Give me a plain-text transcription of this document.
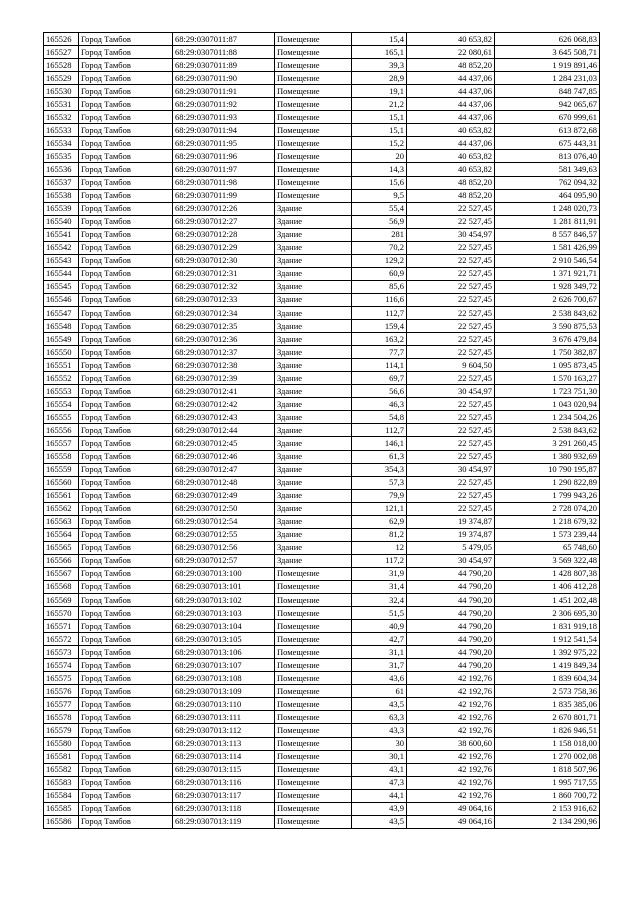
165526	Город Тамбов	68:29:0307011:87	Помещение	15,4	40 653,82	626 068,83
165527	Город Тамбов	68:29:0307011:88	Помещение	165,1	22 080,61	3 645 508,71
165528	Город Тамбов	68:29:0307011:89	Помещение	39,3	48 852,20	1 919 891,46
165529	Город Тамбов	68:29:0307011:90	Помещение	28,9	44 437,06	1 284 231,03
165530	Город Тамбов	68:29:0307011:91	Помещение	19,1	44 437,06	848 747,85
165531	Город Тамбов	68:29:0307011:92	Помещение	21,2	44 437,06	942 065,67
165532	Город Тамбов	68:29:0307011:93	Помещение	15,1	44 437,06	670 999,61
165533	Город Тамбов	68:29:0307011:94	Помещение	15,1	40 653,82	613 872,68
165534	Город Тамбов	68:29:0307011:95	Помещение	15,2	44 437,06	675 443,31
165535	Город Тамбов	68:29:0307011:96	Помещение	20	40 653,82	813 076,40
165536	Город Тамбов	68:29:0307011:97	Помещение	14,3	40 653,82	581 349,63
165537	Город Тамбов	68:29:0307011:98	Помещение	15,6	48 852,20	762 094,32
165538	Город Тамбов	68:29:0307011:99	Помещение	9,5	48 852,20	464 095,90
165539	Город Тамбов	68:29:0307012:26	Здание	55,4	22 527,45	1 248 020,73
165540	Город Тамбов	68:29:0307012:27	Здание	56,9	22 527,45	1 281 811,91
165541	Город Тамбов	68:29:0307012:28	Здание	281	30 454,97	8 557 846,57
165542	Город Тамбов	68:29:0307012:29	Здание	70,2	22 527,45	1 581 426,99
165543	Город Тамбов	68:29:0307012:30	Здание	129,2	22 527,45	2 910 546,54
165544	Город Тамбов	68:29:0307012:31	Здание	60,9	22 527,45	1 371 921,71
165545	Город Тамбов	68:29:0307012:32	Здание	85,6	22 527,45	1 928 349,72
165546	Город Тамбов	68:29:0307012:33	Здание	116,6	22 527,45	2 626 700,67
165547	Город Тамбов	68:29:0307012:34	Здание	112,7	22 527,45	2 538 843,62
165548	Город Тамбов	68:29:0307012:35	Здание	159,4	22 527,45	3 590 875,53
165549	Город Тамбов	68:29:0307012:36	Здание	163,2	22 527,45	3 676 479,84
165550	Город Тамбов	68:29:0307012:37	Здание	77,7	22 527,45	1 750 382,87
165551	Город Тамбов	68:29:0307012:38	Здание	114,1	9 604,50	1 095 873,45
165552	Город Тамбов	68:29:0307012:39	Здание	69,7	22 527,45	1 570 163,27
165553	Город Тамбов	68:29:0307012:41	Здание	56,6	30 454,97	1 723 751,30
165554	Город Тамбов	68:29:0307012:42	Здание	46,3	22 527,45	1 043 020,94
165555	Город Тамбов	68:29:0307012:43	Здание	54,8	22 527,45	1 234 504,26
165556	Город Тамбов	68:29:0307012:44	Здание	112,7	22 527,45	2 538 843,62
165557	Город Тамбов	68:29:0307012:45	Здание	146,1	22 527,45	3 291 260,45
165558	Город Тамбов	68:29:0307012:46	Здание	61,3	22 527,45	1 380 932,69
165559	Город Тамбов	68:29:0307012:47	Здание	354,3	30 454,97	10 790 195,87
165560	Город Тамбов	68:29:0307012:48	Здание	57,3	22 527,45	1 290 822,89
165561	Город Тамбов	68:29:0307012:49	Здание	79,9	22 527,45	1 799 943,26
165562	Город Тамбов	68:29:0307012:50	Здание	121,1	22 527,45	2 728 074,20
165563	Город Тамбов	68:29:0307012:54	Здание	62,9	19 374,87	1 218 679,32
165564	Город Тамбов	68:29:0307012:55	Здание	81,2	19 374,87	1 573 239,44
165565	Город Тамбов	68:29:0307012:56	Здание	12	5 479,05	65 748,60
165566	Город Тамбов	68:29:0307012:57	Здание	117,2	30 454,97	3 569 322,48
165567	Город Тамбов	68:29:0307013:100	Помещение	31,9	44 790,20	1 428 807,38
165568	Город Тамбов	68:29:0307013:101	Помещение	31,4	44 790,20	1 406 412,28
165569	Город Тамбов	68:29:0307013:102	Помещение	32,4	44 790,20	1 451 202,48
165570	Город Тамбов	68:29:0307013:103	Помещение	51,5	44 790,20	2 306 695,30
165571	Город Тамбов	68:29:0307013:104	Помещение	40,9	44 790,20	1 831 919,18
165572	Город Тамбов	68:29:0307013:105	Помещение	42,7	44 790,20	1 912 541,54
165573	Город Тамбов	68:29:0307013:106	Помещение	31,1	44 790,20	1 392 975,22
165574	Город Тамбов	68:29:0307013:107	Помещение	31,7	44 790,20	1 419 849,34
165575	Город Тамбов	68:29:0307013:108	Помещение	43,6	42 192,76	1 839 604,34
165576	Город Тамбов	68:29:0307013:109	Помещение	61	42 192,76	2 573 758,36
165577	Город Тамбов	68:29:0307013:110	Помещение	43,5	42 192,76	1 835 385,06
165578	Город Тамбов	68:29:0307013:111	Помещение	63,3	42 192,76	2 670 801,71
165579	Город Тамбов	68:29:0307013:112	Помещение	43,3	42 192,76	1 826 946,51
165580	Город Тамбов	68:29:0307013:113	Помещение	30	38 600,60	1 158 018,00
165581	Город Тамбов	68:29:0307013:114	Помещение	30,1	42 192,76	1 270 002,08
165582	Город Тамбов	68:29:0307013:115	Помещение	43,1	42 192,76	1 818 507,96
165583	Город Тамбов	68:29:0307013:116	Помещение	47,3	42 192,76	1 995 717,55
165584	Город Тамбов	68:29:0307013:117	Помещение	44,1	42 192,76	1 860 700,72
165585	Город Тамбов	68:29:0307013:118	Помещение	43,9	49 064,16	2 153 916,62
165586	Город Тамбов	68:29:0307013:119	Помещение	43,5	49 064,16	2 134 290,96
